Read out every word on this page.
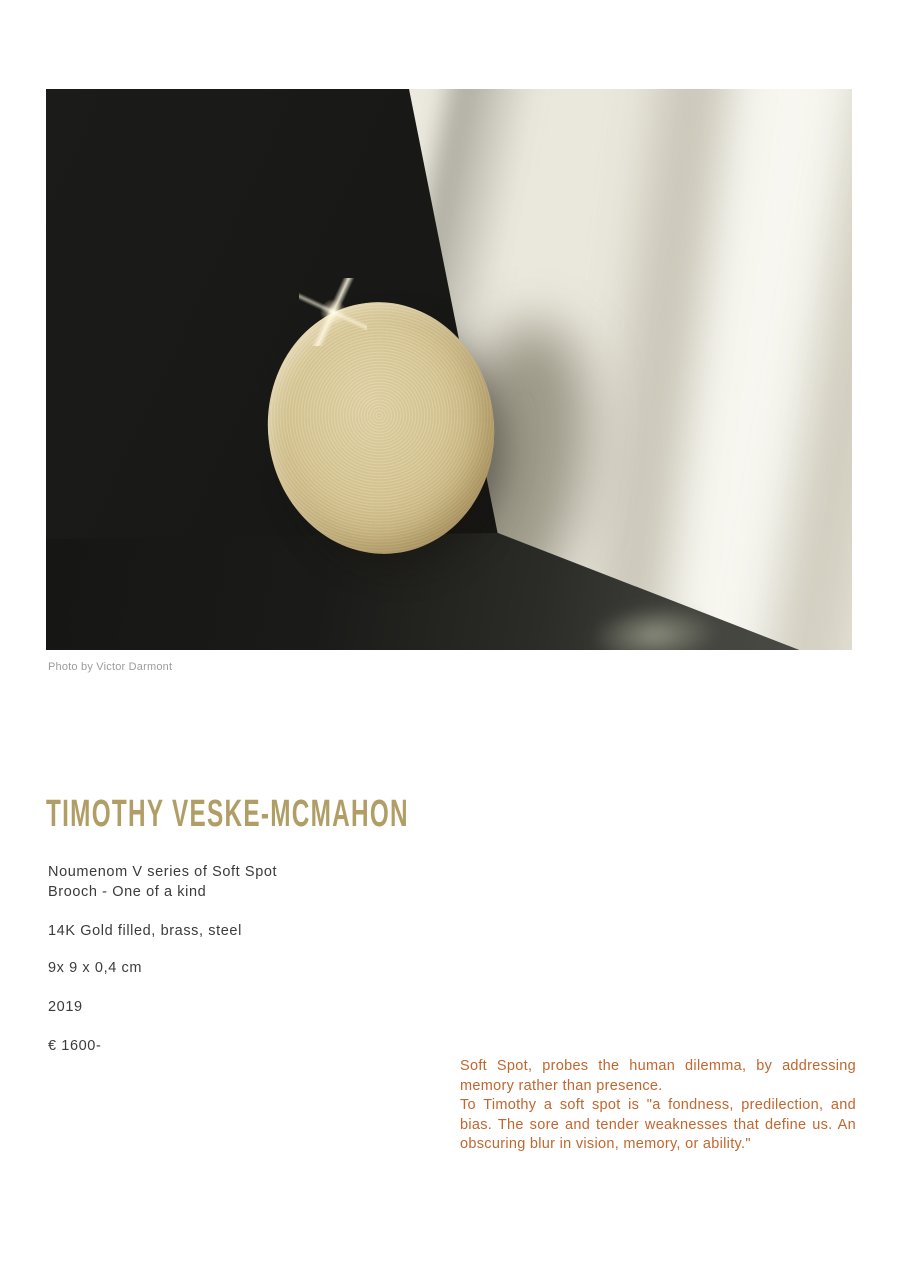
Photo by Victor Darmont
TIMOTHY VESKE-MCMAHON

Noumenom V series of Soft Spot
Brooch - One of a kind

14K Gold filled, brass, steel

9x 9 x 0,4 cm

2019

€ 1600-

Soft Spot, probes the human dilemma, by addressing memory rather than presence.

To Timothy a soft spot is "a fondness, predilection, and bias. The sore and tender weaknesses that define us. An obscuring blur in vision, memory, or ability."
